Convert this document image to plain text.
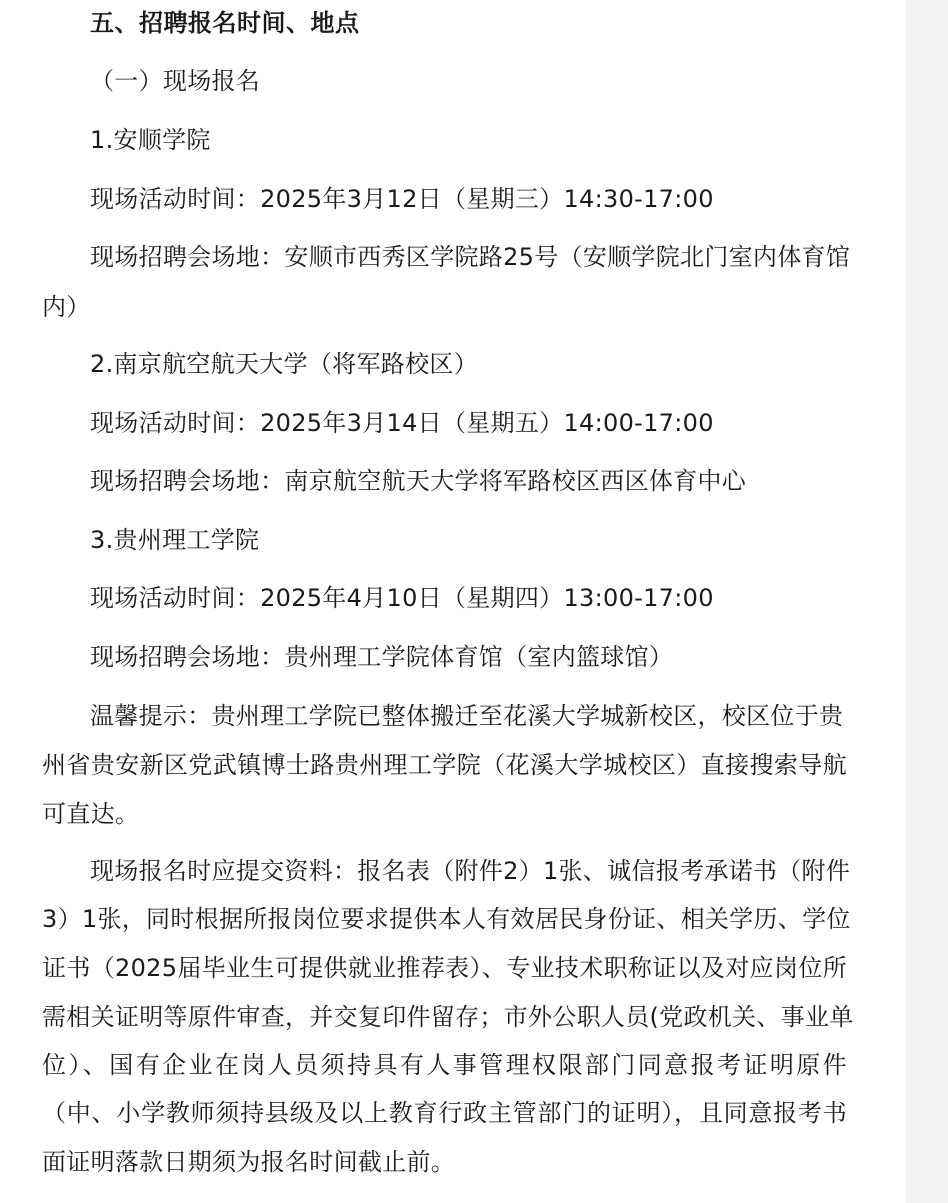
五、招聘报名时间、地点
（一）现场报名
1.安顺学院
现场活动时间：2025年3月12日（星期三）14:30-17:00
现场招聘会场地：安顺市西秀区学院路25号（安顺学院北门室内体育馆
内）
2.南京航空航天大学（将军路校区）
现场活动时间：2025年3月14日（星期五）14:00-17:00
现场招聘会场地：南京航空航天大学将军路校区西区体育中心
3.贵州理工学院
现场活动时间：2025年4月10日（星期四）13:00-17:00
现场招聘会场地：贵州理工学院体育馆（室内篮球馆）
温馨提示：贵州理工学院已整体搬迁至花溪大学城新校区，校区位于贵
州省贵安新区党武镇博士路贵州理工学院（花溪大学城校区）直接搜索导航
可直达。
现场报名时应提交资料：报名表（附件2）1张、诚信报考承诺书（附件
3）1张，同时根据所报岗位要求提供本人有效居民身份证、相关学历、学位
证书（2025届毕业生可提供就业推荐表）、专业技术职称证以及对应岗位所
需相关证明等原件审查，并交复印件留存；市外公职人员(党政机关、事业单
位）、国有企业在岗人员须持具有人事管理权限部门同意报考证明原件
（中、小学教师须持县级及以上教育行政主管部门的证明），且同意报考书
面证明落款日期须为报名时间截止前。
